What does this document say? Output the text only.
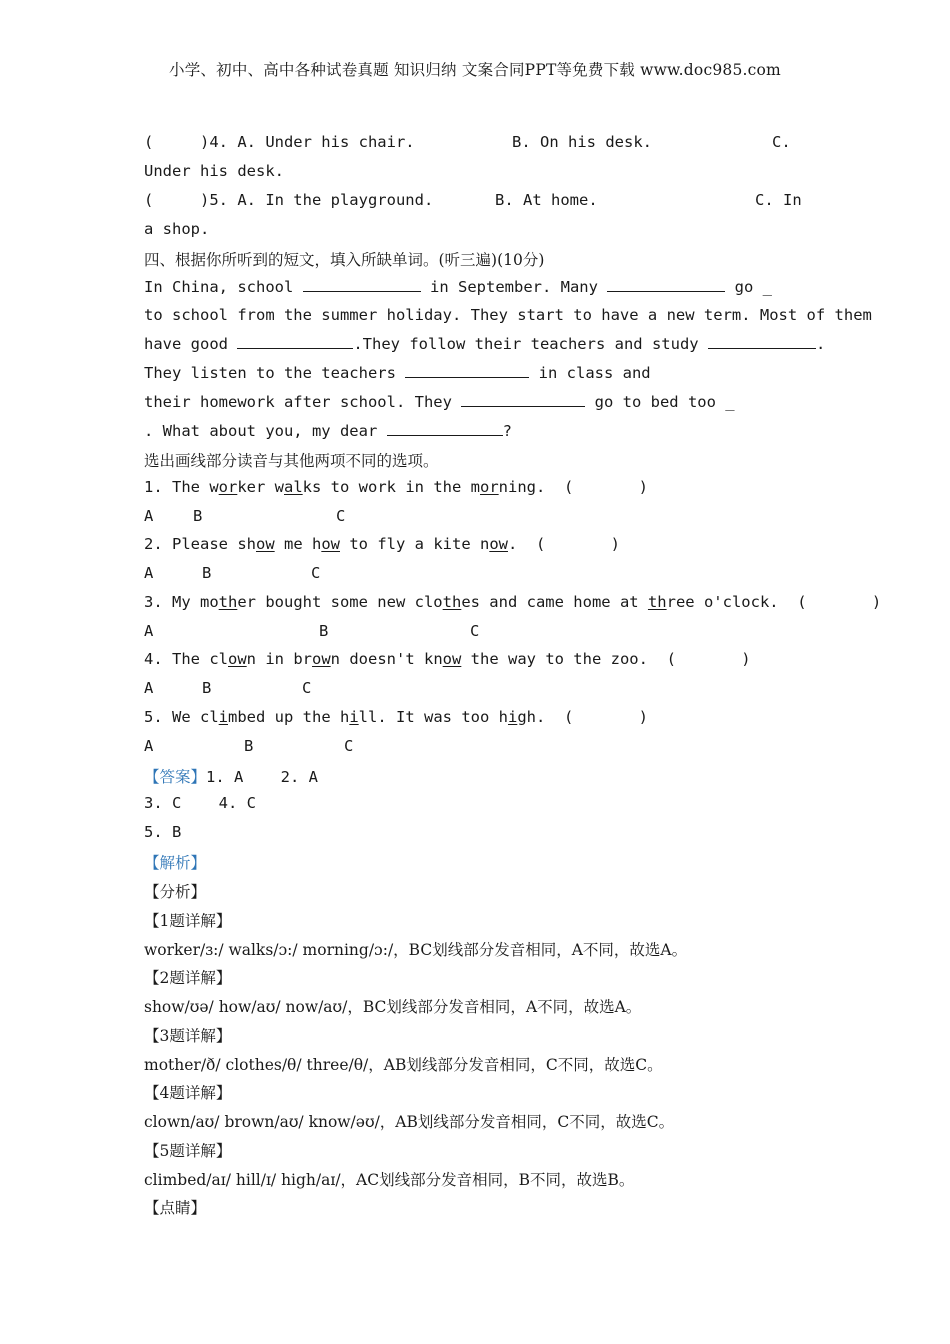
小学、初中、高中各种试卷真题 知识归纳 文案合同PPT等免费下载 www.doc985.com
(     )4. A. Under his chair.	B. On his desk.	C.
Under his desk.
(     )5. A. In the playground.	B. At home.	C. In
a shop.
四、根据你所听到的短文，填入所缺单词。(听三遍)(10分)
In China, school	in September. Many	go _
to school from the summer holiday. They start to have a new term. Most of them
have good	.They follow their teachers and study	.
They listen to the teachers	in class and
their homework after school. They	go to bed too _
. What about you, my dear	?
选出画线部分读音与其他两项不同的选项。
1. The worker walks to work in the morning.  (       )
A	B	C
2. Please show me how to fly a kite now.  (       )
A	B	C
3. My mother bought some new clothes and came home at three o'clock.  (       )
A	B	C
4. The clown in brown doesn't know the way to the zoo.  (       )
A	B	C
5. We climbed up the hill. It was too high.  (       )
A	B	C
【答案】1. A    2. A
3. C    4. C
5. B
【解析】
【分析】
【1题详解】
worker/ɜ:/ walks/ɔ:/ morning/ɔ:/，BC划线部分发音相同，A不同，故选A。
【2题详解】
show/ʊə/ how/aʊ/ now/aʊ/，BC划线部分发音相同，A不同，故选A。
【3题详解】
mother/ð/ clothes/θ/ three/θ/，AB划线部分发音相同，C不同，故选C。
【4题详解】
clown/aʊ/ brown/aʊ/ know/əʊ/，AB划线部分发音相同，C不同，故选C。
【5题详解】
climbed/aɪ/ hill/ɪ/ high/aɪ/，AC划线部分发音相同，B不同，故选B。
【点睛】
